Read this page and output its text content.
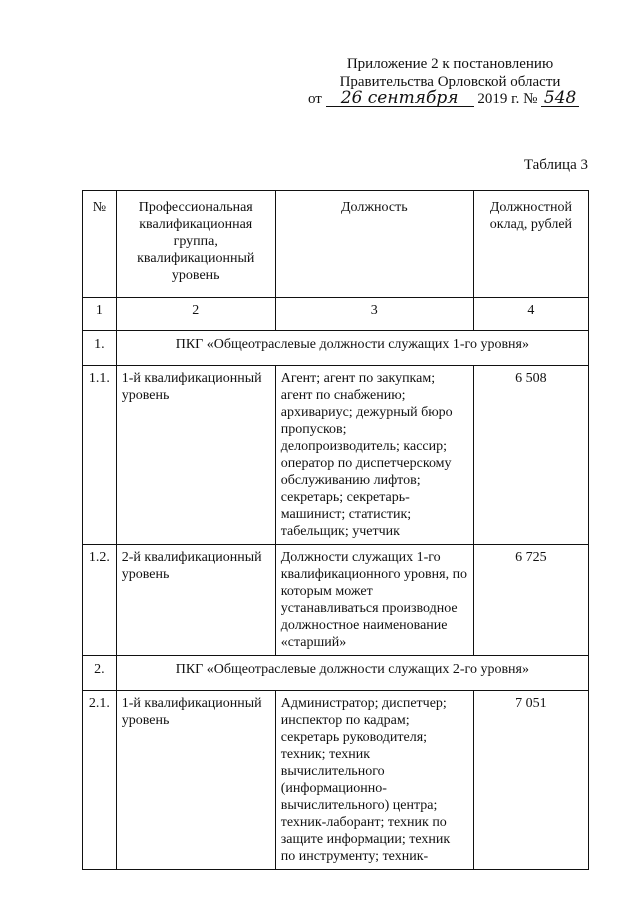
Приложение 2 к постановлению
Правительства Орловской области
от 26 сентября 2019 г. № 548
Таблица 3
№	Профессиональная квалификационная группа, квалификационный уровень	Должность	Должностной оклад, рублей
1	2	3	4
1.	ПКГ «Общеотраслевые должности служащих 1-го уровня»		
1.1.	1-й квалификационный уровень	Агент; агент по закупкам; агент по снабжению; архивариус; дежурный бюро пропусков; делопроизводитель; кассир; оператор по диспетчерскому обслуживанию лифтов; секретарь; секретарь-машинист; статистик; табельщик; учетчик	6 508
1.2.	2-й квалификационный уровень	Должности служащих 1-го квалификационного уровня, по которым может устанавливаться производное должностное наименование «старший»	6 725
2.	ПКГ «Общеотраслевые должности служащих 2-го уровня»		
2.1.	1-й квалификационный уровень	Администратор; диспетчер; инспектор по кадрам; секретарь руководителя; техник; техник вычислительного (информационно-вычислительного) центра; техник-лаборант; техник по защите информации; техник по инструменту; техник-	7 051
